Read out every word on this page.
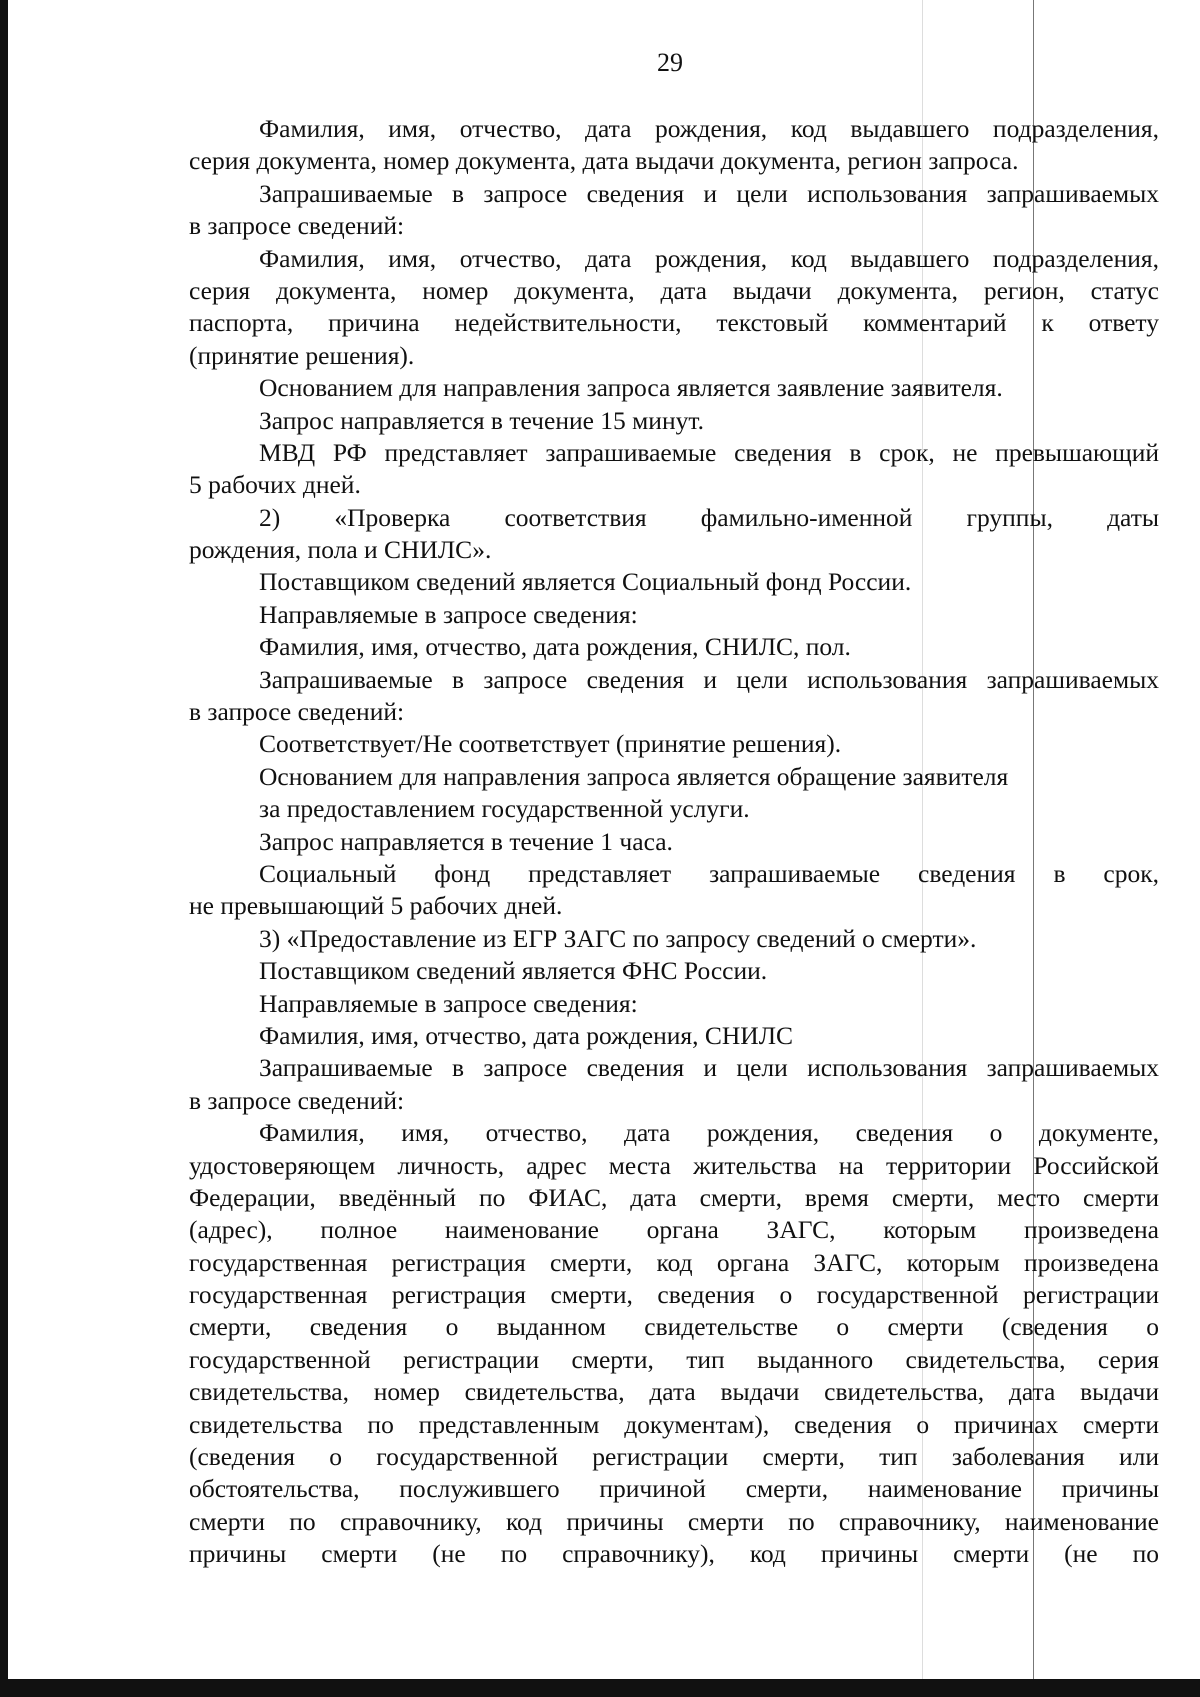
29
Фамилия, имя, отчество, дата рождения, код выдавшего подразделения,
серия документа, номер документа, дата выдачи документа, регион запроса.
Запрашиваемые в запросе сведения и цели использования запрашиваемых
в запросе сведений:
Фамилия, имя, отчество, дата рождения, код выдавшего подразделения,
серия документа, номер документа, дата выдачи документа, регион, статус
паспорта, причина недействительности, текстовый комментарий к ответу
(принятие решения).
Основанием для направления запроса является заявление заявителя.
Запрос направляется в течение 15 минут.
МВД РФ представляет запрашиваемые сведения в срок, не превышающий
5 рабочих дней.
2) «Проверка соответствия фамильно-именной группы, даты
рождения, пола и СНИЛС».
Поставщиком сведений является Социальный фонд России.
Направляемые в запросе сведения:
Фамилия, имя, отчество, дата рождения, СНИЛС, пол.
Запрашиваемые в запросе сведения и цели использования запрашиваемых
в запросе сведений:
Соответствует/Не соответствует (принятие решения).
Основанием для направления запроса является обращение заявителя
за предоставлением государственной услуги.
Запрос направляется в течение 1 часа.
Социальный фонд представляет запрашиваемые сведения в срок,
не превышающий 5 рабочих дней.
3) «Предоставление из ЕГР ЗАГС по запросу сведений о смерти».
Поставщиком сведений является ФНС России.
Направляемые в запросе сведения:
Фамилия, имя, отчество, дата рождения, СНИЛС
Запрашиваемые в запросе сведения и цели использования запрашиваемых
в запросе сведений:
Фамилия, имя, отчество, дата рождения, сведения о документе,
удостоверяющем личность, адрес места жительства на территории Российской
Федерации, введённый по ФИАС, дата смерти, время смерти, место смерти
(адрес), полное наименование органа ЗАГС, которым произведена
государственная регистрация смерти, код органа ЗАГС, которым произведена
государственная регистрация смерти, сведения о государственной регистрации
смерти, сведения о выданном свидетельстве о смерти (сведения о
государственной регистрации смерти, тип выданного свидетельства, серия
свидетельства, номер свидетельства, дата выдачи свидетельства, дата выдачи
свидетельства по представленным документам), сведения о причинах смерти
(сведения о государственной регистрации смерти, тип заболевания или
обстоятельства, послужившего причиной смерти, наименование причины
смерти по справочнику, код причины смерти по справочнику, наименование
причины смерти (не по справочнику), код причины смерти (не по
